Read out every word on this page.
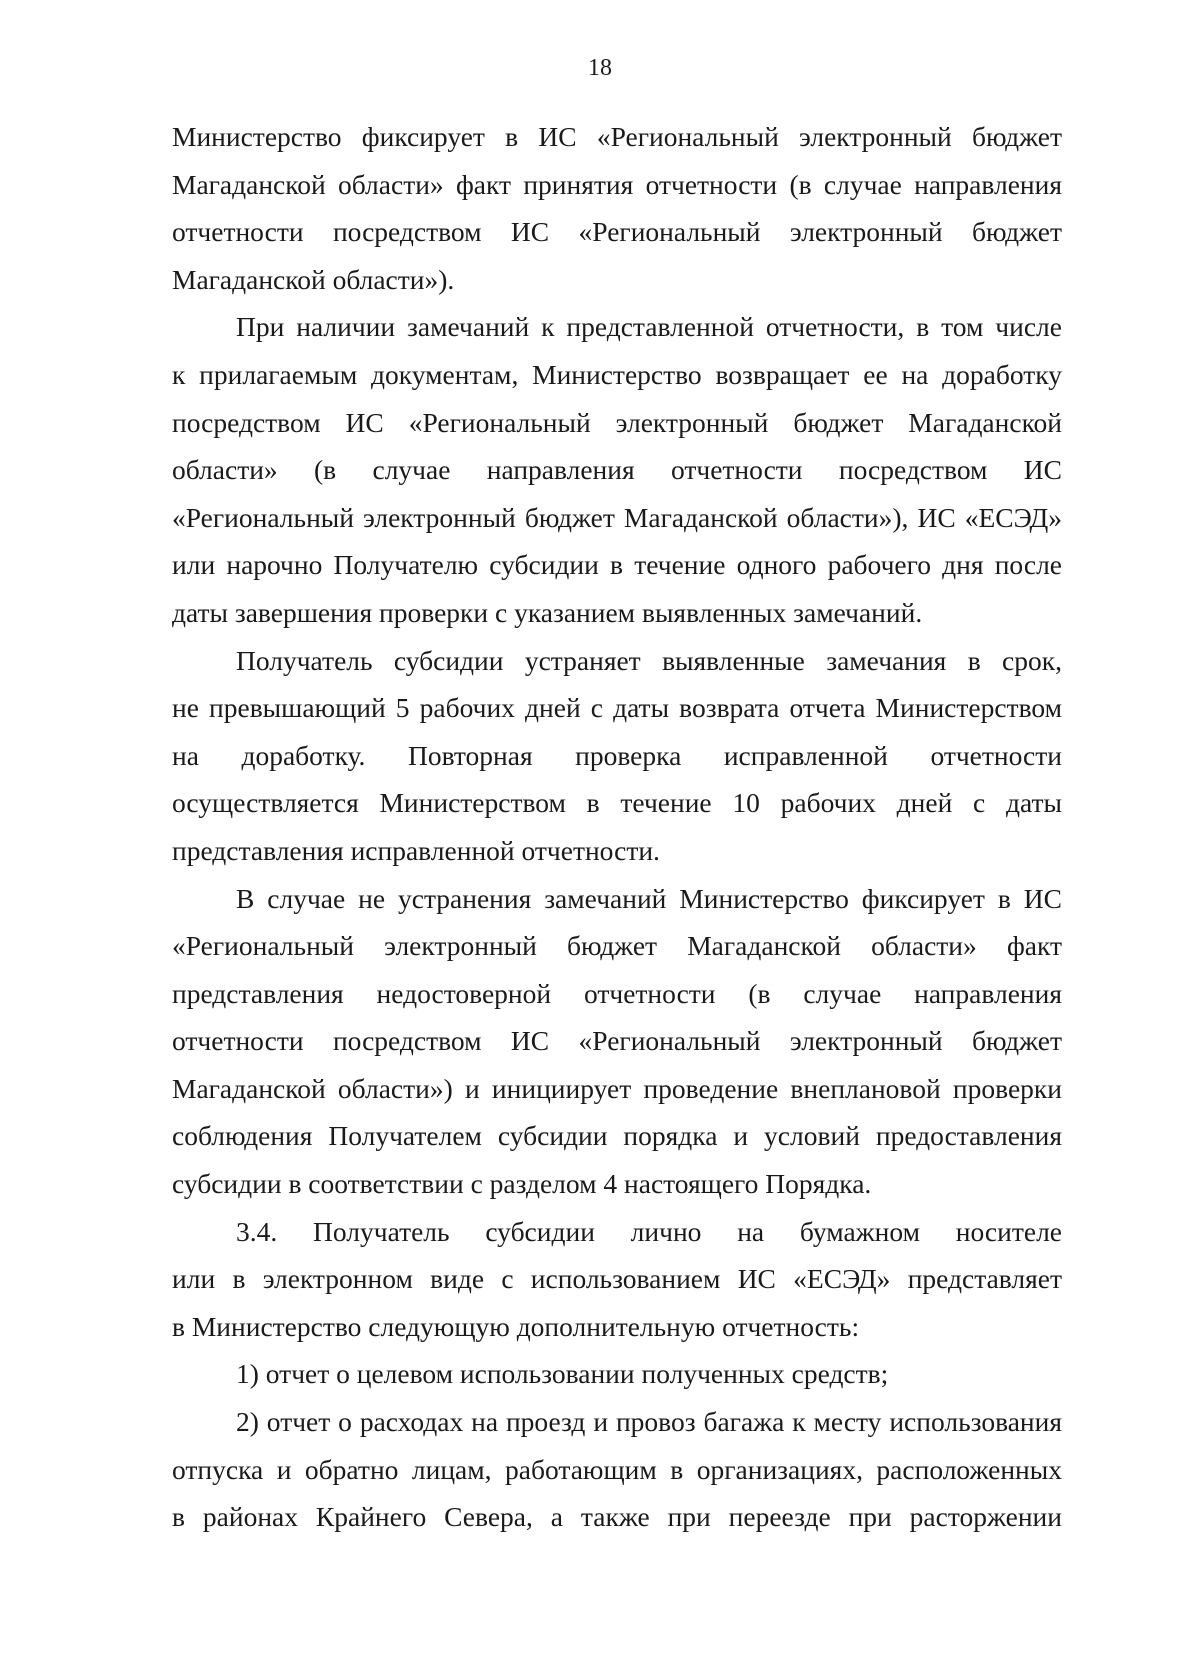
18

Министерство фиксирует в ИС «Региональный электронный бюджет
Магаданской области» факт принятия отчетности (в случае направления
отчетности посредством ИС «Региональный электронный бюджет
Магаданской области»).

При наличии замечаний к представленной отчетности, в том числе
к прилагаемым документам, Министерство возвращает ее на доработку
посредством ИС «Региональный электронный бюджет Магаданской
области» (в случае направления отчетности посредством ИС
«Региональный электронный бюджет Магаданской области»), ИС «ЕСЭД»
или нарочно Получателю субсидии в течение одного рабочего дня после
даты завершения проверки с указанием выявленных замечаний.

Получатель субсидии устраняет выявленные замечания в срок,
не превышающий 5 рабочих дней с даты возврата отчета Министерством
на доработку. Повторная проверка исправленной отчетности
осуществляется Министерством в течение 10 рабочих дней с даты
представления исправленной отчетности.

В случае не устранения замечаний Министерство фиксирует в ИС
«Региональный электронный бюджет Магаданской области» факт
представления недостоверной отчетности (в случае направления
отчетности посредством ИС «Региональный электронный бюджет
Магаданской области») и инициирует проведение внеплановой проверки
соблюдения Получателем субсидии порядка и условий предоставления
субсидии в соответствии с разделом 4 настоящего Порядка.

3.4. Получатель субсидии лично на бумажном носителе
или в электронном виде с использованием ИС «ЕСЭД» представляет
в Министерство следующую дополнительную отчетность:

1) отчет о целевом использовании полученных средств;

2) отчет о расходах на проезд и провоз багажа к месту использования
отпуска и обратно лицам, работающим в организациях, расположенных
в районах Крайнего Севера, а также при переезде при расторжении
